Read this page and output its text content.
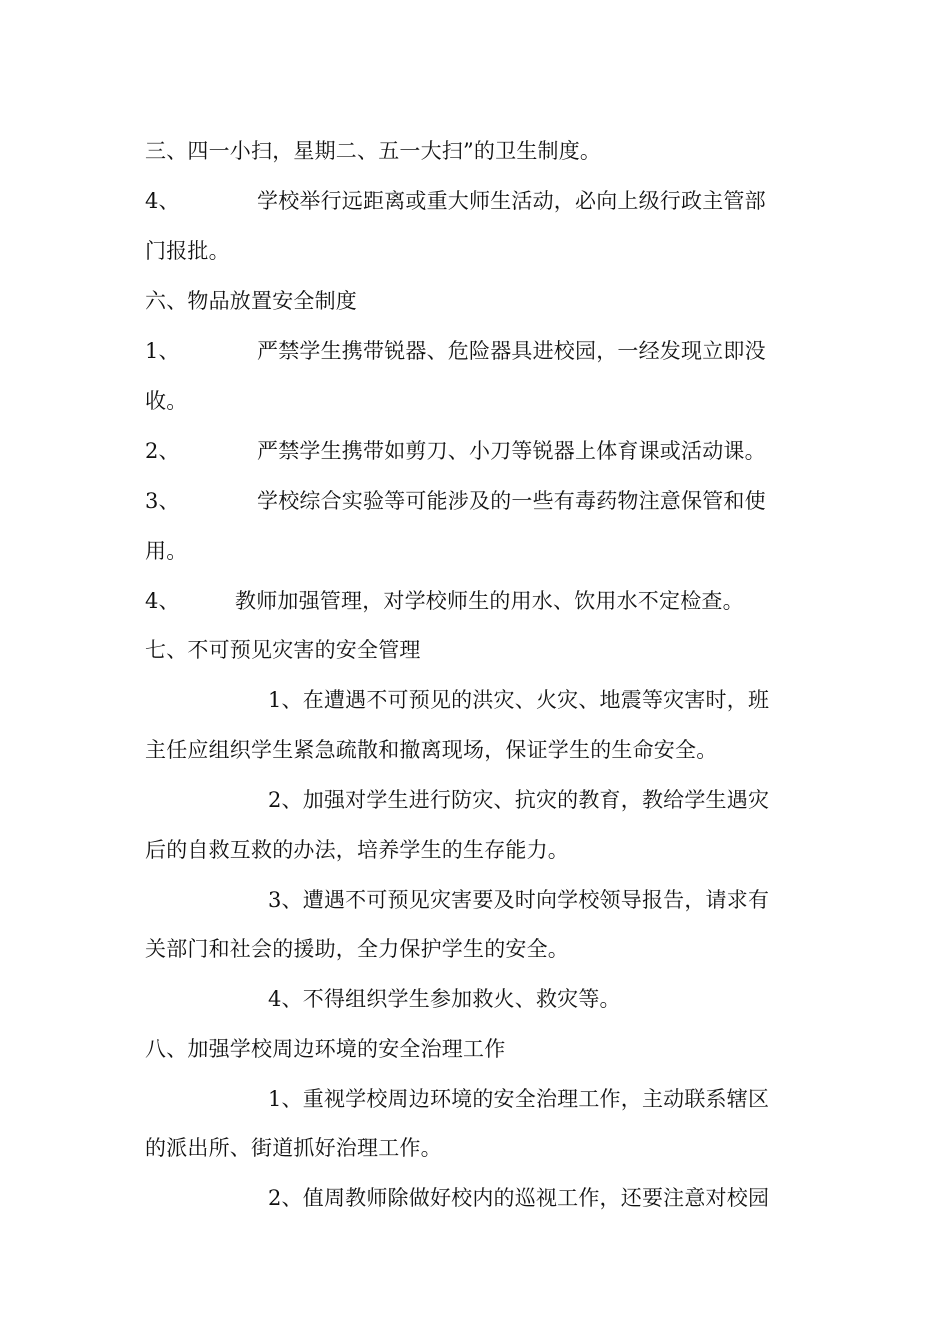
三、四一小扫，星期二、五一大扫”的卫生制度。
4、	学校举行远距离或重大师生活动，必向上级行政主管部
门报批。
六、物品放置安全制度
1、	严禁学生携带锐器、危险器具进校园，一经发现立即没
收。
2、	严禁学生携带如剪刀、小刀等锐器上体育课或活动课。
3、	学校综合实验等可能涉及的一些有毒药物注意保管和使
用。
4、	教师加强管理，对学校师生的用水、饮用水不定检查。
七、不可预见灾害的安全管理
1、在遭遇不可预见的洪灾、火灾、地震等灾害时，班
主任应组织学生紧急疏散和撤离现场，保证学生的生命安全。
2、加强对学生进行防灾、抗灾的教育，教给学生遇灾
后的自救互救的办法，培养学生的生存能力。
3、遭遇不可预见灾害要及时向学校领导报告，请求有
关部门和社会的援助，全力保护学生的安全。
4、不得组织学生参加救火、救灾等。
八、加强学校周边环境的安全治理工作
1、重视学校周边环境的安全治理工作，主动联系辖区
的派出所、街道抓好治理工作。
2、值周教师除做好校内的巡视工作，还要注意对校园
